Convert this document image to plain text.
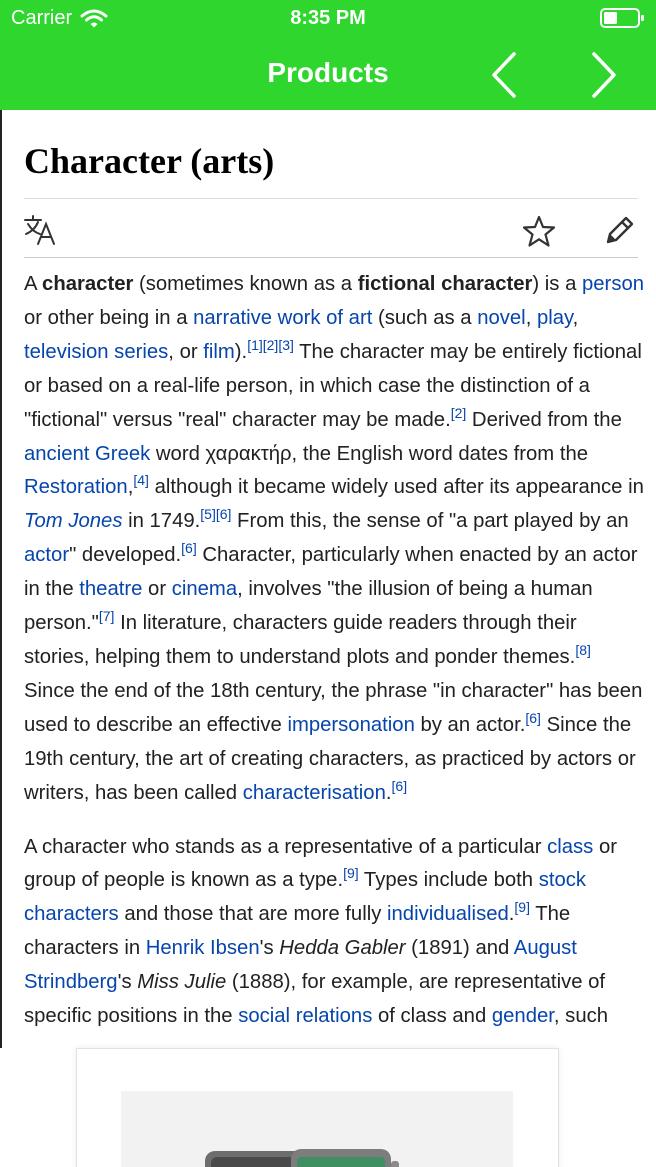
Carrier	8:35 PM
Products
Character (arts)

A character (sometimes known as a fictional character) is a person or other being in a narrative work of art (such as a novel, play, television series, or film).[1][2][3] The character may be entirely fictional or based on a real-life person, in which case the distinction of a "fictional" versus "real" character may be made.[2] Derived from the ancient Greek word χαρακτήρ, the English word dates from the Restoration,[4] although it became widely used after its appearance in Tom Jones in 1749.[5][6] From this, the sense of "a part played by an actor" developed.[6] Character, particularly when enacted by an actor in the theatre or cinema, involves "the illusion of being a human person."[7] In literature, characters guide readers through their stories, helping them to understand plots and ponder themes.[8] Since the end of the 18th century, the phrase "in character" has been used to describe an effective impersonation by an actor.[6] Since the 19th century, the art of creating characters, as practiced by actors or writers, has been called characterisation.[6]

A character who stands as a representative of a particular class or group of people is known as a type.[9] Types include both stock characters and those that are more fully individualised.[9] The characters in Henrik Ibsen's Hedda Gabler (1891) and August Strindberg's Miss Julie (1888), for example, are representative of specific positions in the social relations of class and gender, such
